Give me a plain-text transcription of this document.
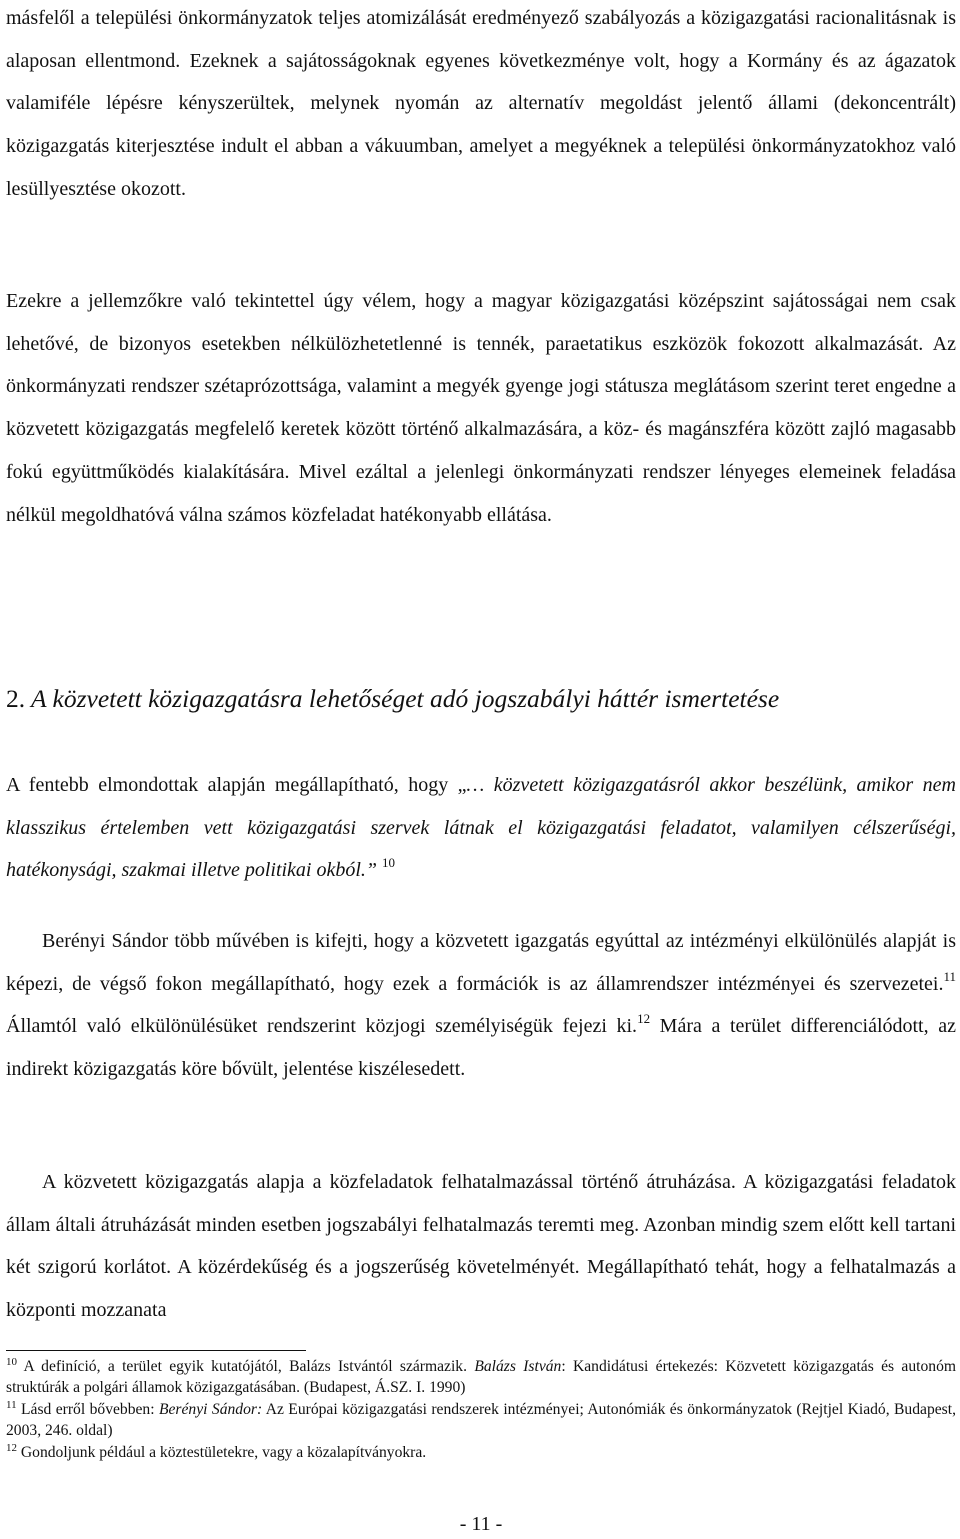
másfelől a települési önkormányzatok teljes atomizálását eredményező szabályozás a közigazgatási racionalitásnak is alaposan ellentmond. Ezeknek a sajátosságoknak egyenes következménye volt, hogy a Kormány és az ágazatok valamiféle lépésre kényszerültek, melynek nyomán az alternatív megoldást jelentő állami (dekoncentrált) közigazgatás kiterjesztése indult el abban a vákuumban, amelyet a megyéknek a települési önkormányzatokhoz való lesüllyesztése okozott.

Ezekre a jellemzőkre való tekintettel úgy vélem, hogy a magyar közigazgatási középszint sajátosságai nem csak lehetővé, de bizonyos esetekben nélkülözhetetlenné is tennék, paraetatikus eszközök fokozott alkalmazását. Az önkormányzati rendszer szétaprózottsága, valamint a megyék gyenge jogi státusza meglátásom szerint teret engedne a közvetett közigazgatás megfelelő keretek között történő alkalmazására, a köz- és magánszféra között zajló magasabb fokú együttműködés kialakítására. Mivel ezáltal a jelenlegi önkormányzati rendszer lényeges elemeinek feladása nélkül megoldhatóvá válna számos közfeladat hatékonyabb ellátása.

2. A közvetett közigazgatásra lehetőséget adó jogszabályi háttér ismertetése

A fentebb elmondottak alapján megállapítható, hogy „… közvetett közigazgatásról akkor beszélünk, amikor nem klasszikus értelemben vett közigazgatási szervek látnak el közigazgatási feladatot, valamilyen célszerűségi, hatékonysági, szakmai illetve politikai okból.” $^{10}$

Berényi Sándor több művében is kifejti, hogy a közvetett igazgatás egyúttal az intézményi elkülönülés alapját is képezi, de végső fokon megállapítható, hogy ezek a formációk is az államrendszer intézményei és szervezetei.$^{11}$ Államtól való elkülönülésüket rendszerint közjogi személyiségük fejezi ki.$^{12}$ Mára a terület differenciálódott, az indirekt közigazgatás köre bővült, jelentése kiszélesedett.

A közvetett közigazgatás alapja a közfeladatok felhatalmazással történő átruházása. A közigazgatási feladatok állam általi átruházását minden esetben jogszabályi felhatalmazás teremti meg. Azonban mindig szem előtt kell tartani két szigorú korlátot. A közérdekűség és a jogszerűség követelményét. Megállapítható tehát, hogy a felhatalmazás a központi mozzanata

$^{10}$ A definíció, a terület egyik kutatójától, Balázs Istvántól származik. Balázs István: Kandidátusi értekezés: Közvetett közigazgatás és autonóm struktúrák a polgári államok közigazgatásában. (Budapest, Á.SZ. I. 1990)

$^{11}$ Lásd erről bővebben: Berényi Sándor: Az Európai közigazgatási rendszerek intézményei; Autonómiák és önkormányzatok (Rejtjel Kiadó, Budapest, 2003, 246. oldal)

$^{12}$ Gondoljunk például a köztestületekre, vagy a közalapítványokra.

- 11 -
